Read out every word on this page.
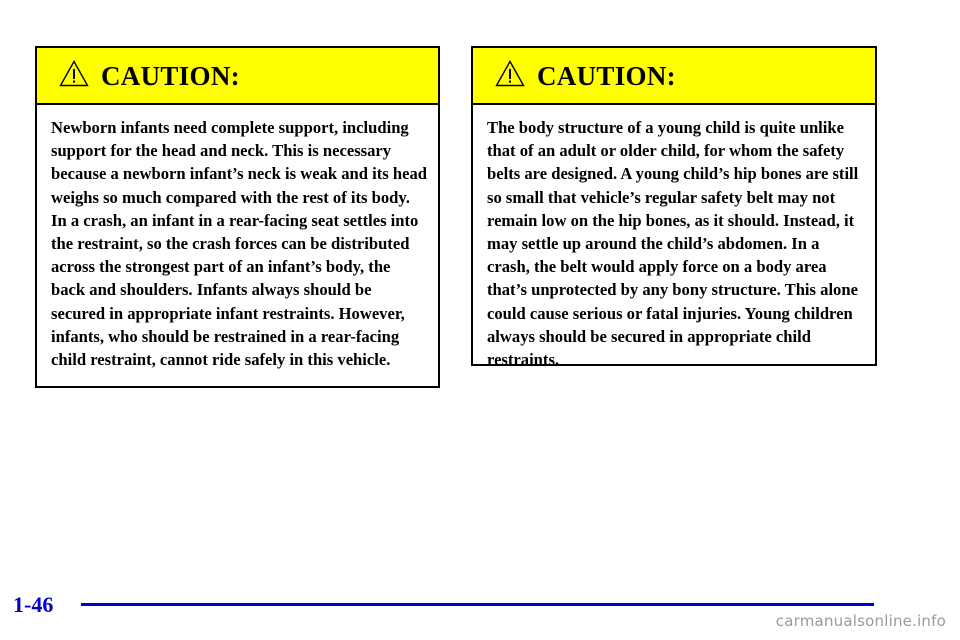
CAUTION:

Newborn infants need complete support, including support for the head and neck. This is necessary because a newborn infant’s neck is weak and its head weighs so much compared with the rest of its body. In a crash, an infant in a rear-facing seat settles into the restraint, so the crash forces can be distributed across the strongest part of an infant’s body, the back and shoulders. Infants always should be secured in appropriate infant restraints. However, infants, who should be restrained in a rear-facing child restraint, cannot ride safely in this vehicle.

CAUTION:

The body structure of a young child is quite unlike that of an adult or older child, for whom the safety belts are designed. A young child’s hip bones are still so small that vehicle’s regular safety belt may not remain low on the hip bones, as it should. Instead, it may settle up around the child’s abdomen. In a crash, the belt would apply force on a body area that’s unprotected by any bony structure. This alone could cause serious or fatal injuries. Young children always should be secured in appropriate child restraints.

1-46
carmanualsonline.info
